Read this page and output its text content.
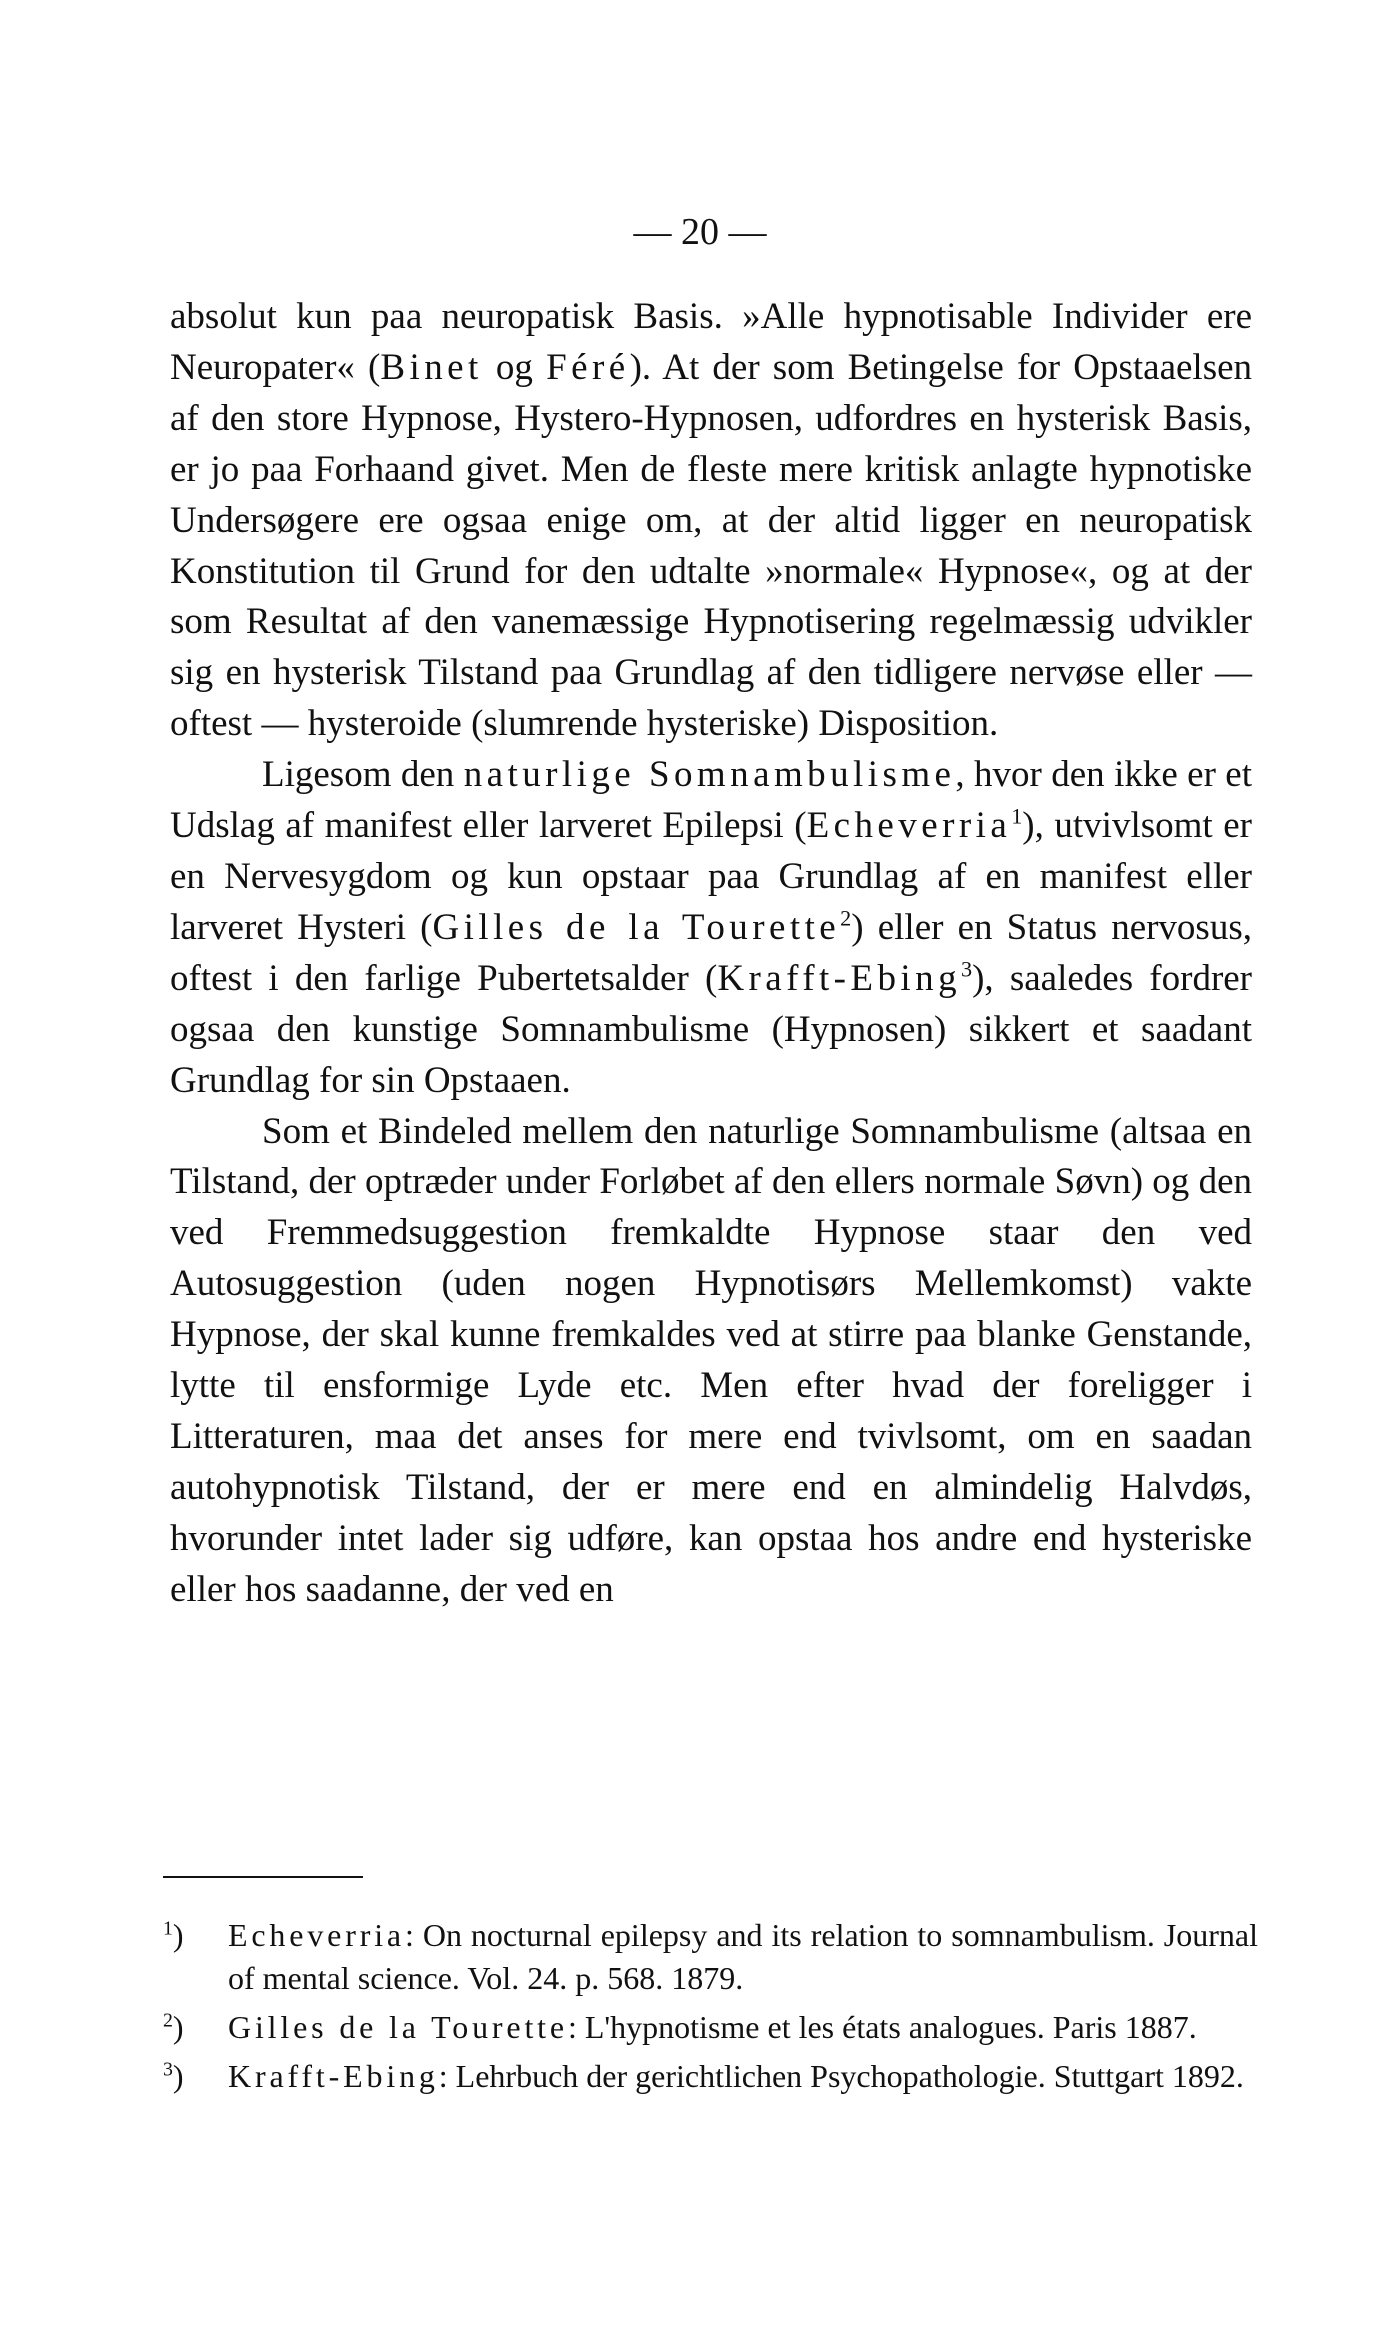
— 20 —

absolut kun paa neuropatisk Basis. »Alle hypnotisable Individer ere Neuropater« (Binet og Féré). At der som Betingelse for Opstaaelsen af den store Hypnose, Hystero-Hypnosen, udfordres en hysterisk Basis, er jo paa Forhaand givet. Men de fleste mere kritisk anlagte hypnotiske Undersøgere ere ogsaa enige om, at der altid ligger en neuropatisk Konstitution til Grund for den udtalte »normale« Hypnose«, og at der som Resultat af den vanemæssige Hypnotisering regelmæssig udvikler sig en hysterisk Tilstand paa Grundlag af den tidligere nervøse eller — oftest — hysteroide (slumrende hysteriske) Disposition.

Ligesom den naturlige Somnambulisme, hvor den ikke er et Udslag af manifest eller larveret Epilepsi (Echeverria$^1$), utvivlsomt er en Nervesygdom og kun opstaar paa Grundlag af en manifest eller larveret Hysteri (Gilles de la Tourette$^2$) eller en Status nervosus, oftest i den farlige Pubertetsalder (Krafft-Ebing$^3$), saaledes fordrer ogsaa den kunstige Somnambulisme (Hypnosen) sikkert et saadant Grundlag for sin Opstaaen.

Som et Bindeled mellem den naturlige Somnambulisme (altsaa en Tilstand, der optræder under Forløbet af den ellers normale Søvn) og den ved Fremmedsuggestion fremkaldte Hypnose staar den ved Autosuggestion (uden nogen Hypnotisørs Mellemkomst) vakte Hypnose, der skal kunne fremkaldes ved at stirre paa blanke Genstande, lytte til ensformige Lyde etc. Men efter hvad der foreligger i Litteraturen, maa det anses for mere end tvivlsomt, om en saadan autohypnotisk Tilstand, der er mere end en almindelig Halvdøs, hvorunder intet lader sig udføre, kan opstaa hos andre end hysteriske eller hos saadanne, der ved en

$^1$) Echeverria: On nocturnal epilepsy and its relation to somnambulism. Journal of mental science. Vol. 24. p. 568. 1879.

$^2$) Gilles de la Tourette: L'hypnotisme et les états analogues. Paris 1887.

$^3$) Krafft-Ebing: Lehrbuch der gerichtlichen Psychopathologie. Stuttgart 1892.
